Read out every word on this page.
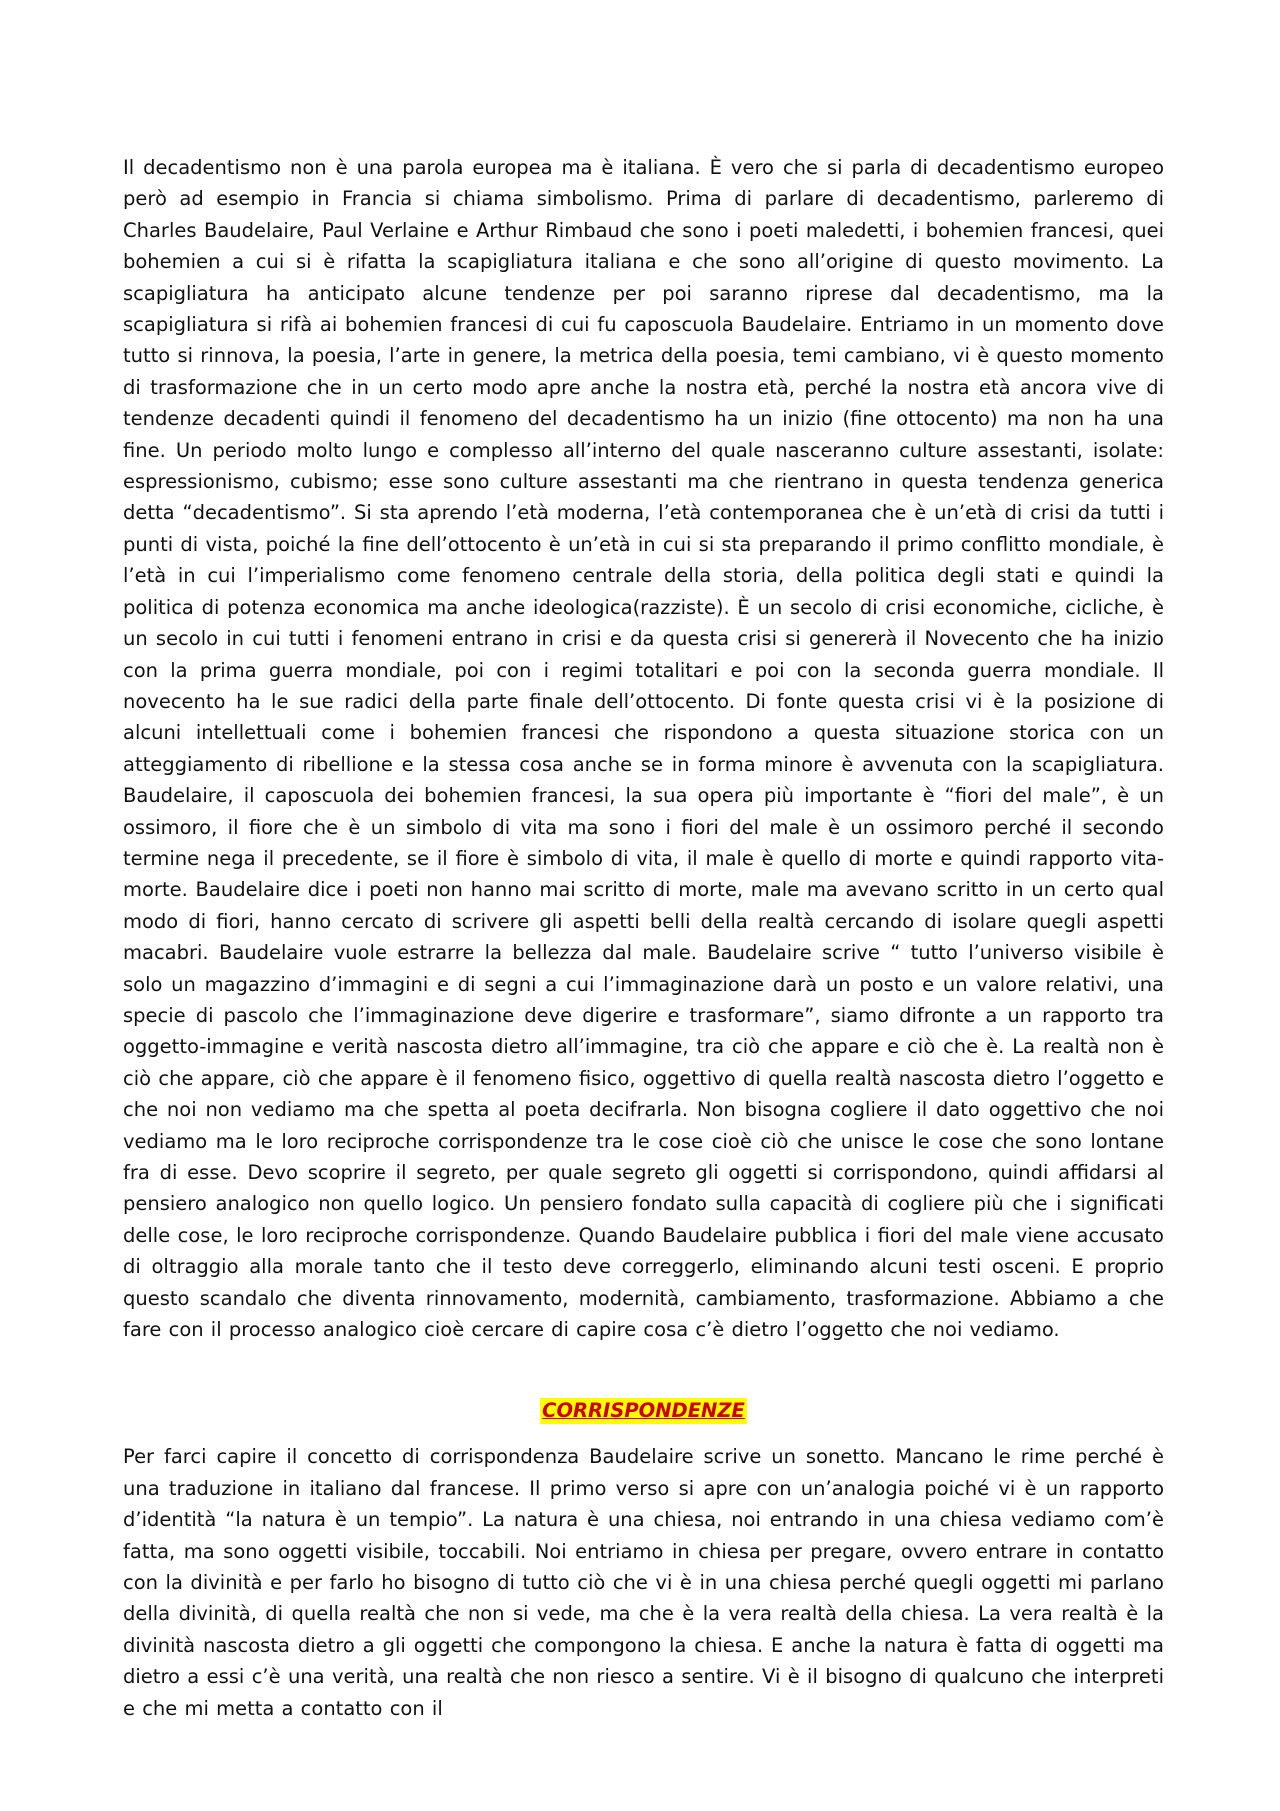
Il decadentismo non è una parola europea ma è italiana. È vero che si parla di decadentismo europeo però ad esempio in Francia si chiama simbolismo. Prima di parlare di decadentismo, parleremo di Charles Baudelaire, Paul Verlaine e Arthur Rimbaud che sono i poeti maledetti, i bohemien francesi, quei bohemien a cui si è rifatta la scapigliatura italiana e che sono all’origine di questo movimento. La scapigliatura ha anticipato alcune tendenze per poi saranno riprese dal decadentismo, ma la scapigliatura si rifà ai bohemien francesi di cui fu caposcuola Baudelaire. Entriamo in un momento dove tutto si rinnova, la poesia, l’arte in genere, la metrica della poesia, temi cambiano, vi è questo momento di trasformazione che in un certo modo apre anche la nostra età, perché la nostra età ancora vive di tendenze decadenti quindi il fenomeno del decadentismo ha un inizio (fine ottocento) ma non ha una fine. Un periodo molto lungo e complesso all’interno del quale nasceranno culture assestanti, isolate: espressionismo, cubismo; esse sono culture assestanti ma che rientrano in questa tendenza generica detta “decadentismo”. Si sta aprendo l’età moderna, l’età contemporanea che è un’età di crisi da tutti i punti di vista, poiché la fine dell’ottocento è un’età in cui si sta preparando il primo conflitto mondiale, è l’età in cui l’imperialismo come fenomeno centrale della storia, della politica degli stati e quindi la politica di potenza economica ma anche ideologica(razziste). È un secolo di crisi economiche, cicliche, è un secolo in cui tutti i fenomeni entrano in crisi e da questa crisi si genererà il Novecento che ha inizio con la prima guerra mondiale, poi con i regimi totalitari e poi con la seconda guerra mondiale. Il novecento ha le sue radici della parte finale dell’ottocento. Di fonte questa crisi vi è la posizione di alcuni intellettuali come i bohemien francesi che rispondono a questa situazione storica con un atteggiamento di ribellione e la stessa cosa anche se in forma minore è avvenuta con la scapigliatura. Baudelaire, il caposcuola dei bohemien francesi, la sua opera più importante è “fiori del male”, è un ossimoro, il fiore che è un simbolo di vita ma sono i fiori del male è un ossimoro perché il secondo termine nega il precedente, se il fiore è simbolo di vita, il male è quello di morte e quindi rapporto vita-morte. Baudelaire dice i poeti non hanno mai scritto di morte, male ma avevano scritto in un certo qual modo di fiori, hanno cercato di scrivere gli aspetti belli della realtà cercando di isolare quegli aspetti macabri. Baudelaire vuole estrarre la bellezza dal male. Baudelaire scrive “ tutto l’universo visibile è solo un magazzino d’immagini e di segni a cui l’immaginazione darà un posto e un valore relativi, una specie di pascolo che l’immaginazione deve digerire e trasformare”, siamo difronte a un rapporto tra oggetto-immagine e verità nascosta dietro all’immagine, tra ciò che appare e ciò che è. La realtà non è ciò che appare, ciò che appare è il fenomeno fisico, oggettivo di quella realtà nascosta dietro l’oggetto e che noi non vediamo ma che spetta al poeta decifrarla. Non bisogna cogliere il dato oggettivo che noi vediamo ma le loro reciproche corrispondenze tra le cose cioè ciò che unisce le cose che sono lontane fra di esse. Devo scoprire il segreto, per quale segreto gli oggetti si corrispondono, quindi affidarsi al pensiero analogico non quello logico. Un pensiero fondato sulla capacità di cogliere più che i significati delle cose, le loro reciproche corrispondenze. Quando Baudelaire pubblica i fiori del male viene accusato di oltraggio alla morale tanto che il testo deve correggerlo, eliminando alcuni testi osceni. E proprio questo scandalo che diventa rinnovamento, modernità, cambiamento, trasformazione. Abbiamo a che fare con il processo analogico cioè cercare di capire cosa c’è dietro l’oggetto che noi vediamo.

CORRISPONDENZE

Per farci capire il concetto di corrispondenza Baudelaire scrive un sonetto. Mancano le rime perché è una traduzione in italiano dal francese. Il primo verso si apre con un’analogia poiché vi è un rapporto d’identità “la natura è un tempio”. La natura è una chiesa, noi entrando in una chiesa vediamo com’è fatta, ma sono oggetti visibile, toccabili. Noi entriamo in chiesa per pregare, ovvero entrare in contatto con la divinità e per farlo ho bisogno di tutto ciò che vi è in una chiesa perché quegli oggetti mi parlano della divinità, di quella realtà che non si vede, ma che è la vera realtà della chiesa. La vera realtà è la divinità nascosta dietro a gli oggetti che compongono la chiesa. E anche la natura è fatta di oggetti ma dietro a essi c’è una verità, una realtà che non riesco a sentire. Vi è il bisogno di qualcuno che interpreti e che mi metta a contatto con il
